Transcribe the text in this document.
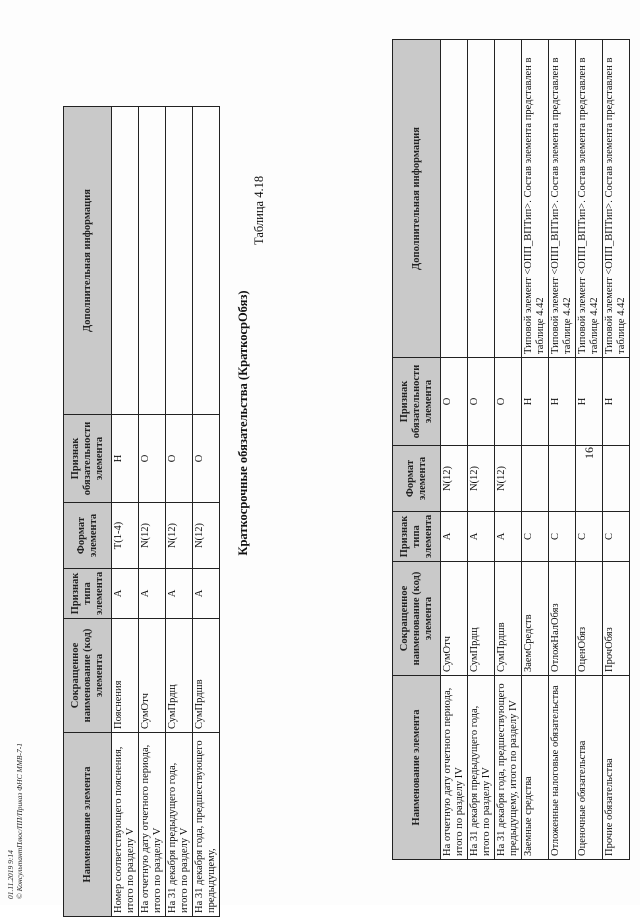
01.11.2019 9:14 © КонсультантПлюс/ПП/Приказ ФНС ММВ-7-1	Наименование элемента	Сокращенное наименование (код) элемента	Признак типа элемента	Формат элемента	Признак обязательности элемента	Дополнительная информация
На отчетную дату отчетного периода, итого по разделу IV	СумОтч	А	N(12)	О	
На 31 декабря предыдущего года, итого по разделу IV	СумПрдщ	А	N(12)	О	
На 31 декабря года, предшествующего предыдущему, итого по разделу IV	СумПрдшв	А	N(12)	О	
Заемные средства	ЗаемСредств	С		Н	Типовой элемент <ОПП_ВПТип>. Состав элемента представлен в таблице 4.42
Отложенные налоговые обязательства	ОтложНалОбяз	С		Н	Типовой элемент <ОПП_ВПТип>. Состав элемента представлен в таблице 4.42
Оценочные обязательства	ОценОбяз	С		Н	Типовой элемент <ОПП_ВПТип>. Состав элемента представлен в таблице 4.42
Прочие обязательства	ПрочОбяз	С		Н	Типовой элемент <ОПП_ВПТип>. Состав элемента представлен в таблице 4.42
16
Таблица 4.18
Краткосрочные обязательства (КраткосрОбяз)
Наименование элемента	Сокращенное наименование (код) элемента	Признак типа элемента	Формат элемента	Признак обязательности элемента	Дополнительная информация
Номер соответствующего пояснения, итого по разделу V	Пояснения	А	T(1-4)	Н	
На отчетную дату отчетного периода, итого по разделу V	СумОтч	А	N(12)	О	
На 31 декабря предыдущего года, итого по разделу V	СумПрдщ	А	N(12)	О	
На 31 декабря года, предшествующего предыдущему,	СумПрдшв	А	N(12)	О	
